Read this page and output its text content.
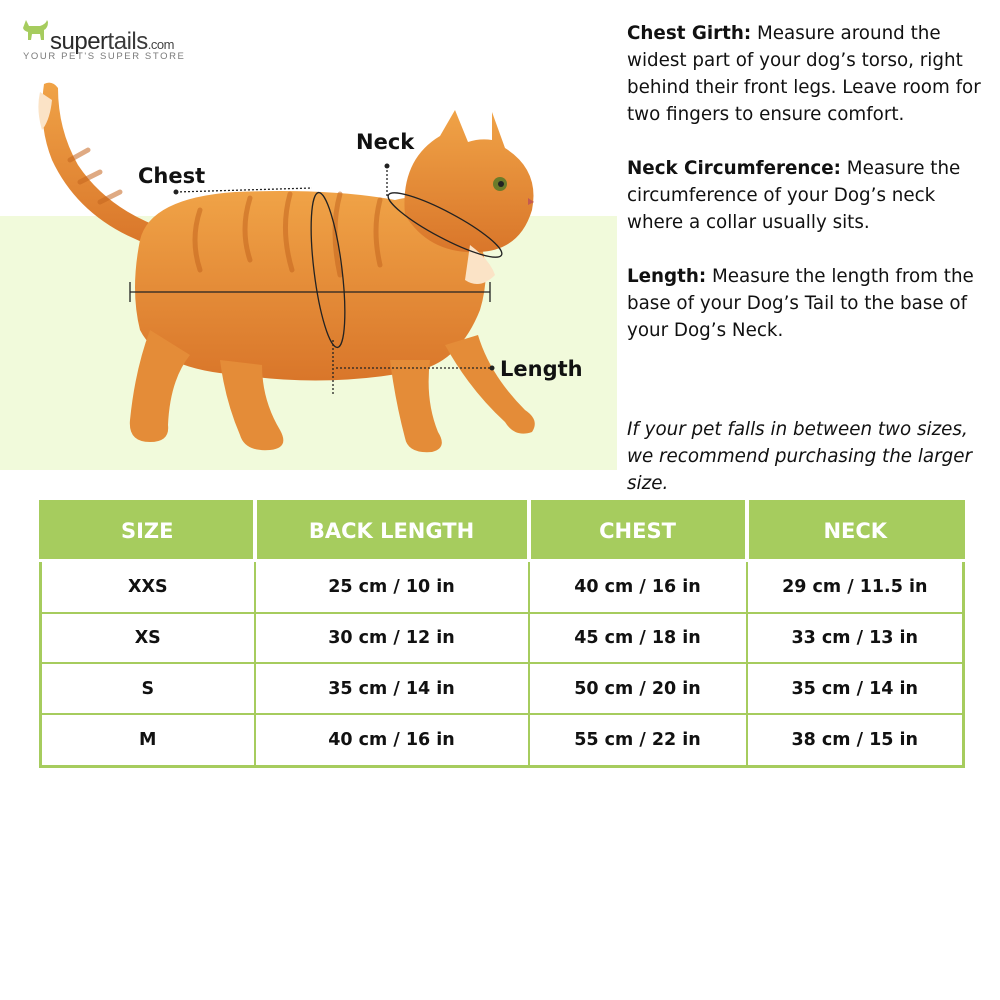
supertails.com
YOUR PET'S SUPER STORE
Chest
Neck
Length

Chest Girth: Measure around the widest part of your dog’s torso, right behind their front legs. Leave room for two fingers to ensure comfort.

Neck Circumference: Measure the circumference of your Dog’s neck where a collar usually sits.

Length: Measure the length from the base of your Dog’s Tail to the base of your Dog’s Neck.

If your pet falls in between two sizes, we recommend purchasing the larger size.
SIZE	BACK LENGTH	CHEST	NECK
XXS	25 cm / 10 in	40 cm / 16 in	29 cm / 11.5 in
XS	30 cm / 12 in	45 cm / 18 in	33 cm / 13 in
S	35 cm / 14 in	50 cm / 20 in	35 cm / 14 in
M	40 cm / 16 in	55 cm / 22 in	38 cm / 15 in
